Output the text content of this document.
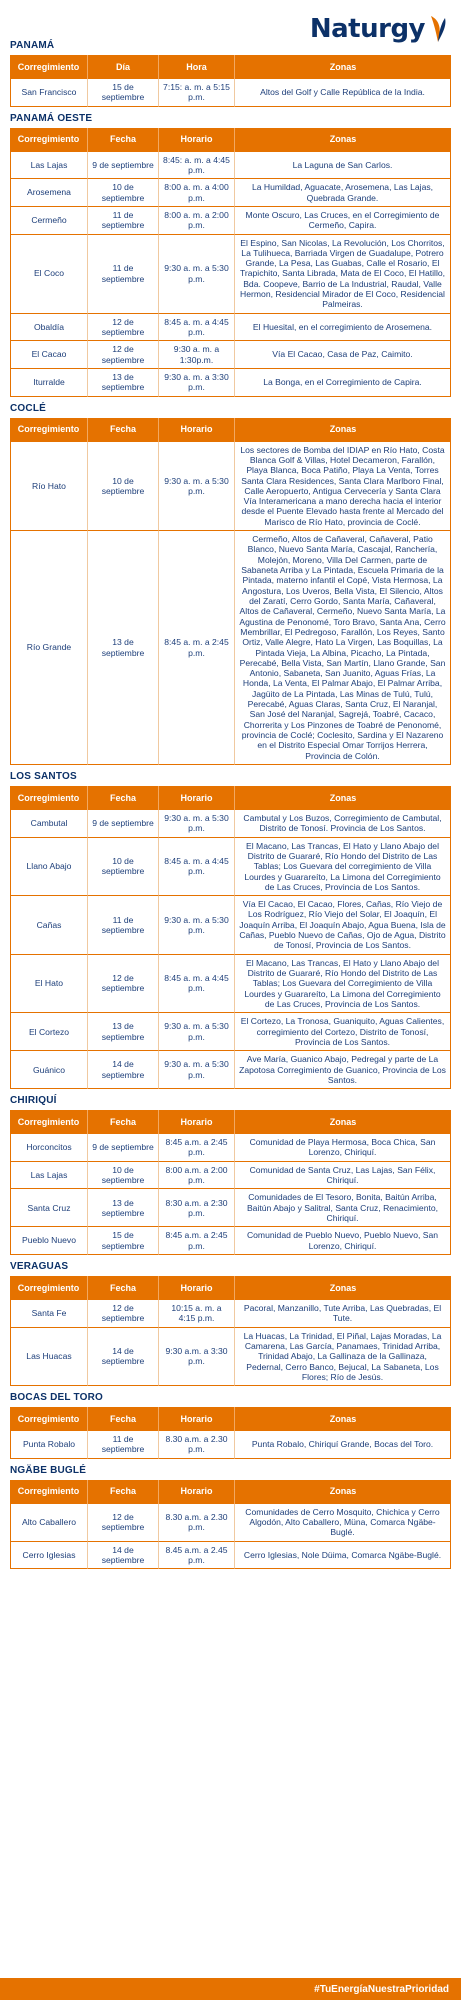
Naturgy
PANAMÁ
Corregimiento	Día	Hora	Zonas
San Francisco	15 de septiembre	7:15: a. m. a 5:15 p.m.	Altos del Golf y Calle República de la India.
PANAMÁ OESTE
Corregimiento	Fecha	Horario	Zonas
Las Lajas	9 de septiembre	8:45: a. m. a 4:45 p.m.	La Laguna de San Carlos.
Arosemena	10 de septiembre	8:00 a. m. a 4:00 p.m.	La Humildad, Aguacate, Arosemena, Las Lajas, Quebrada Grande.
Cermeño	11 de septiembre	8:00 a. m. a 2:00 p.m.	Monte Oscuro, Las Cruces, en el Corregimiento de Cermeño, Capira.
El Coco	11 de septiembre	9:30 a. m. a 5:30 p.m.	El Espino, San Nicolas, La Revolución, Los Chorritos, La Tulihueca, Barriada Virgen de Guadalupe, Potrero Grande, La Pesa, Las Guabas, Calle el Rosario, El Trapichito, Santa Librada, Mata de El Coco, El Hatillo, Bda. Coopeve, Barrio de La Industrial, Raudal, Valle Hermon, Residencial Mirador de El Coco, Residencial Palmeiras.
Obaldía	12 de septiembre	8:45 a. m. a 4:45 p.m.	El Huesital, en el corregimiento de Arosemena.
El Cacao	12 de septiembre	9:30 a. m. a 1:30p.m.	Vía El Cacao, Casa de Paz, Caimito.
Iturralde	13 de septiembre	9:30 a. m. a 3:30 p.m.	La Bonga, en el Corregimiento de Capira.
COCLÉ
Corregimiento	Fecha	Horario	Zonas
Río Hato	10 de septiembre	9:30 a. m. a 5:30 p.m.	Los sectores de Bomba del IDIAP en Río Hato, Costa Blanca Golf & Villas, Hotel Decameron, Farallón, Playa Blanca, Boca Patiño, Playa La Venta, Torres Santa Clara Residences, Santa Clara Marlboro Final, Calle Aeropuerto, Antigua Cervecería y Santa Clara Vía Interamericana a mano derecha hacia el interior desde el Puente Elevado hasta frente al Mercado del Marisco de Río Hato, provincia de Coclé.
Río Grande	13 de septiembre	8:45 a. m. a 2:45 p.m.	Cermeño, Altos de Cañaveral, Cañaveral, Patio Blanco, Nuevo Santa María, Cascajal, Ranchería, Molejón, Moreno, Villa Del Carmen, parte de Sabaneta Arriba y La Pintada, Escuela Primaria de la Pintada, materno infantil el Copé, Vista Hermosa, La Angostura, Los Uveros, Bella Vista, El Silencio, Altos del Zaratí, Cerro Gordo, Santa María, Cañaveral, Altos de Cañaveral, Cermeño, Nuevo Santa María, La Agustina de Penonomé, Toro Bravo, Santa Ana, Cerro Membrillar, El Pedregoso, Farallón, Los Reyes, Santo Ortiz, Valle Alegre, Hato La Virgen, Las Boquillas, La Pintada Vieja, La Albina, Picacho, La Pintada, Perecabé, Bella Vista, San Martín, Llano Grande, San Antonio, Sabaneta, San Juanito, Aguas Frías, La Honda, La Venta, El Palmar Abajo, El Palmar Arriba, Jagüito de La Pintada, Las Minas de Tulú, Tulú, Perecabé, Aguas Claras, Santa Cruz, El Naranjal, San José del Naranjal, Sagrejá, Toabré, Cacaco, Chorrerita y Los Pinzones de Toabré de Penonomé, provincia de Coclé; Coclesito, Sardina y El Nazareno en el Distrito Especial Omar Torrijos Herrera, Provincia de Colón.
LOS SANTOS
Corregimiento	Fecha	Horario	Zonas
Cambutal	9 de septiembre	9:30 a. m. a 5:30 p.m.	Cambutal y Los Buzos, Corregimiento de Cambutal, Distrito de Tonosí. Provincia de Los Santos.
Llano Abajo	10 de septiembre	8:45 a. m. a 4:45 p.m.	El Macano, Las Trancas, El Hato y Llano Abajo del Distrito de Guararé, Río Hondo del Distrito de Las Tablas; Los Guevara del corregimiento de Villa Lourdes y Guarareíto, La Limona del Corregimiento de Las Cruces, Provincia de Los Santos.
Cañas	11 de septiembre	9:30 a. m. a 5:30 p.m.	Vía El Cacao, El Cacao, Flores, Cañas, Río Viejo de Los Rodríguez, Río Viejo del Solar, El Joaquín, El Joaquín Arriba, El Joaquín Abajo, Agua Buena, Isla de Cañas, Pueblo Nuevo de Cañas, Ojo de Agua, Distrito de Tonosí, Provincia de Los Santos.
El Hato	12 de septiembre	8:45 a. m. a 4:45 p.m.	El Macano, Las Trancas, El Hato y Llano Abajo del Distrito de Guararé, Río Hondo del Distrito de Las Tablas; Los Guevara del Corregimiento de Villa Lourdes y Guarareíto, La Limona del Corregimiento de Las Cruces, Provincia de Los Santos.
El Cortezo	13 de septiembre	9:30 a. m. a 5:30 p.m.	El Cortezo, La Tronosa, Guaniquito, Aguas Calientes, corregimiento del Cortezo, Distrito de Tonosí, Provincia de Los Santos.
Guánico	14 de septiembre	9:30 a. m. a 5:30 p.m.	Ave María, Guanico Abajo, Pedregal y parte de La Zapotosa Corregimiento de Guanico, Provincia de Los Santos.
CHIRIQUÍ
Corregimiento	Fecha	Horario	Zonas
Horconcitos	9 de septiembre	8:45 a.m. a 2:45 p.m.	Comunidad de Playa Hermosa, Boca Chica, San Lorenzo, Chiriquí.
Las Lajas	10 de septiembre	8:00 a.m. a 2:00 p.m.	Comunidad de Santa Cruz, Las Lajas, San Félix, Chiriquí.
Santa Cruz	13 de septiembre	8:30 a.m. a 2:30 p.m.	Comunidades de El Tesoro, Bonita, Baitún Arriba, Baitún Abajo y Salitral, Santa Cruz, Renacimiento, Chiriquí.
Pueblo Nuevo	15 de septiembre	8:45 a.m. a 2:45 p.m.	Comunidad de Pueblo Nuevo, Pueblo Nuevo, San Lorenzo, Chiriquí.
VERAGUAS
Corregimiento	Fecha	Horario	Zonas
Santa Fe	12 de septiembre	10:15 a. m. a 4:15 p.m.	Pacoral, Manzanillo, Tute Arriba, Las Quebradas, El Tute.
Las Huacas	14 de septiembre	9:30 a.m. a 3:30 p.m.	La Huacas, La Trinidad, El Piñal, Lajas Moradas, La Camarena, Las García, Panamaes, Trinidad Arriba, Trinidad Abajo, La Gallinaza de la Gallinaza, Pedernal, Cerro Banco, Bejucal, La Sabaneta, Los Flores; Río de Jesús.
BOCAS DEL TORO
Corregimiento	Fecha	Horario	Zonas
Punta Robalo	11 de septiembre	8.30 a.m. a 2.30 p.m.	Punta Robalo, Chiriquí Grande, Bocas del Toro.
NGÄBE BUGLÉ
Corregimiento	Fecha	Horario	Zonas
Alto Caballero	12 de septiembre	8.30 a.m. a 2.30 p.m.	Comunidades de Cerro Mosquito, Chichica y Cerro Algodón, Alto Caballero, Müna, Comarca Ngäbe-Buglé.
Cerro Iglesias	14 de septiembre	8.45 a.m. a 2.45 p.m.	Cerro Iglesias, Nole Düima, Comarca Ngäbe-Buglé.
#TuEnergíaNuestraPrioridad
